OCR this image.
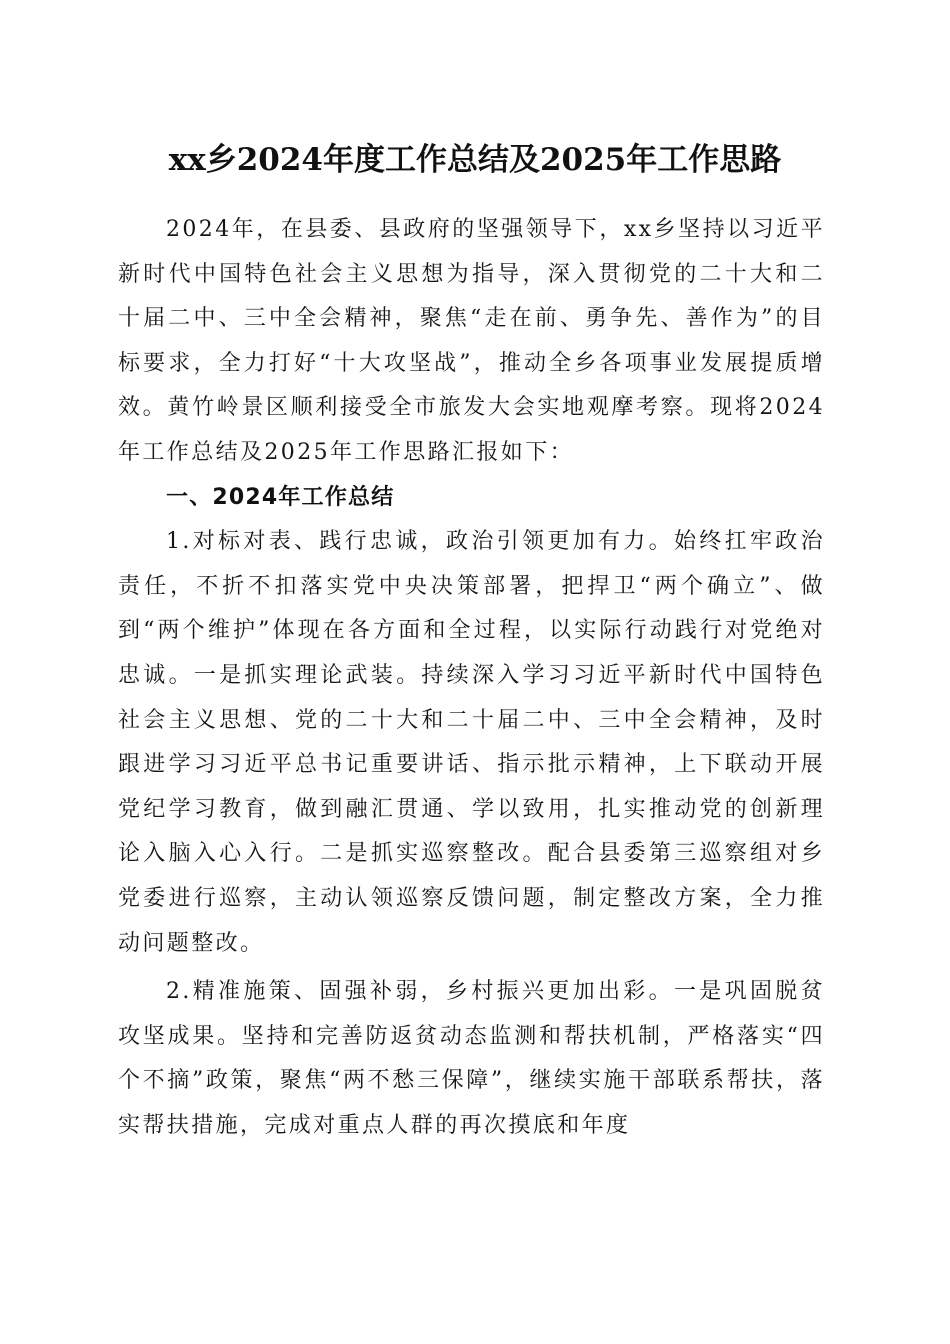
xx乡2024年度工作总结及2025年工作思路

2024年，在县委、县政府的坚强领导下，xx乡坚持以习近平新时代中国特色社会主义思想为指导，深入贯彻党的二十大和二十届二中、三中全会精神，聚焦“走在前、勇争先、善作为”的目标要求，全力打好“十大攻坚战”，推动全乡各项事业发展提质增效。黄竹岭景区顺利接受全市旅发大会实地观摩考察。现将2024年工作总结及2025年工作思路汇报如下：

一、2024年工作总结

1.对标对表、践行忠诚，政治引领更加有力。始终扛牢政治责任，不折不扣落实党中央决策部署，把捍卫“两个确立”、做到“两个维护”体现在各方面和全过程，以实际行动践行对党绝对忠诚。一是抓实理论武装。持续深入学习习近平新时代中国特色社会主义思想、党的二十大和二十届二中、三中全会精神，及时跟进学习习近平总书记重要讲话、指示批示精神，上下联动开展党纪学习教育，做到融汇贯通、学以致用，扎实推动党的创新理论入脑入心入行。二是抓实巡察整改。配合县委第三巡察组对乡党委进行巡察，主动认领巡察反馈问题，制定整改方案，全力推动问题整改。

2.精准施策、固强补弱，乡村振兴更加出彩。一是巩固脱贫攻坚成果。坚持和完善防返贫动态监测和帮扶机制，严格落实“四个不摘”政策，聚焦“两不愁三保障”，继续实施干部联系帮扶，落实帮扶措施，完成对重点人群的再次摸底和年度
